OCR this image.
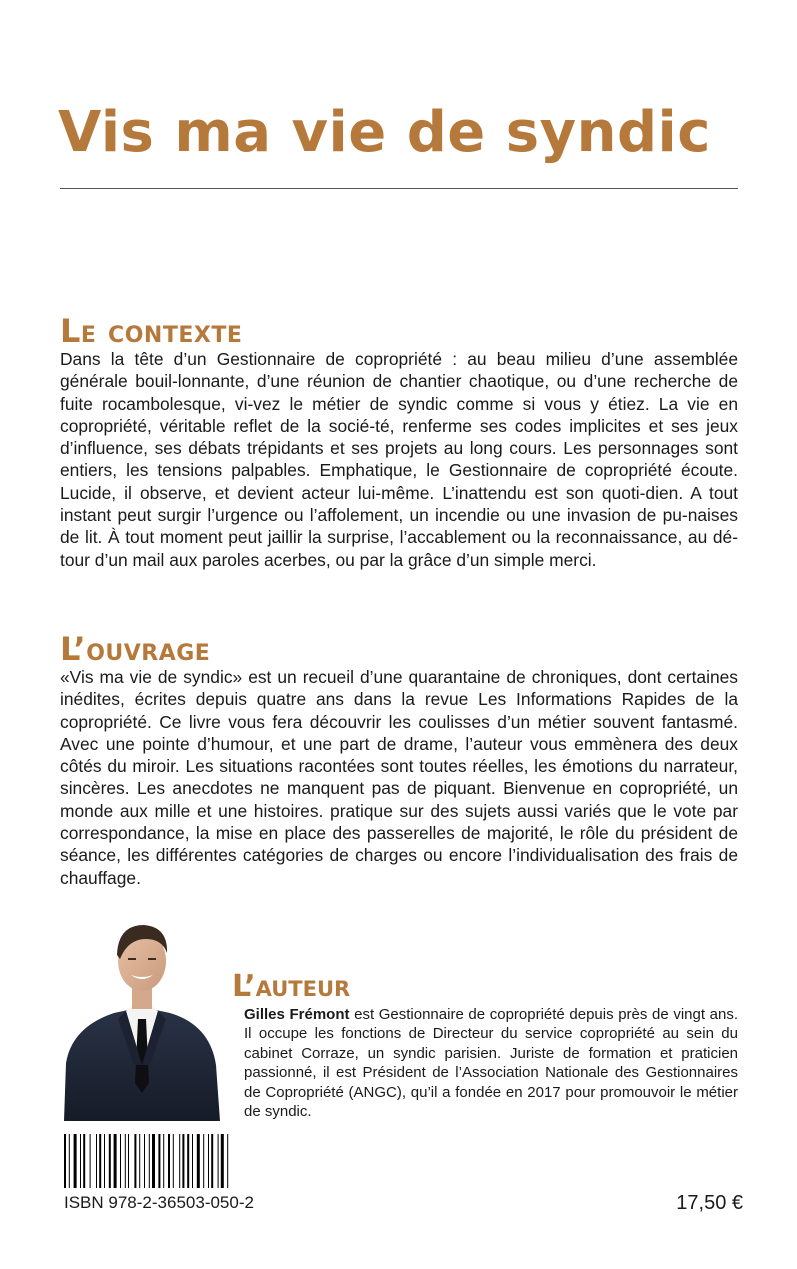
Vis ma vie de syndic
Le contexte

Dans la tête d’un Gestionnaire de copropriété : au beau milieu d’une assemblée générale bouil-lonnante, d’une réunion de chantier chaotique, ou d’une recherche de fuite rocambolesque, vi-vez le métier de syndic comme si vous y étiez. La vie en copropriété, véritable reflet de la socié-té, renferme ses codes implicites et ses jeux d’influence, ses débats trépidants et ses projets au long cours. Les personnages sont entiers, les tensions palpables. Emphatique, le Gestionnaire de copropriété écoute. Lucide, il observe, et devient acteur lui-même. L’inattendu est son quoti-dien. A tout instant peut surgir l’urgence ou l’affolement, un incendie ou une invasion de pu-naises de lit. À tout moment peut jaillir la surprise, l’accablement ou la reconnaissance, au dé-tour d’un mail aux paroles acerbes, ou par la grâce d’un simple merci.

L’ouvrage

«Vis ma vie de syndic» est un recueil d’une quarantaine de chroniques, dont certaines inédites, écrites depuis quatre ans dans la revue Les Informations Rapides de la copropriété. Ce livre vous fera découvrir les coulisses d’un métier souvent fantasmé. Avec une pointe d’humour, et une part de drame, l’auteur vous emmènera des deux côtés du miroir. Les situations racontées sont toutes réelles, les émotions du narrateur, sincères. Les anecdotes ne manquent pas de piquant. Bienvenue en copropriété, un monde aux mille et une histoires. pratique sur des sujets aussi variés que le vote par correspondance, la mise en place des passerelles de majorité, le rôle du président de séance, les différentes catégories de charges ou encore l’individualisation des frais de chauffage.

L’auteur

Gilles Frémont est Gestionnaire de copropriété depuis près de vingt ans. Il occupe les fonctions de Directeur du service copropriété au sein du cabinet Corraze, un syndic parisien. Juriste de formation et praticien passionné, il est Président de l’Association Nationale des Gestionnaires de Copropriété (ANGC), qu’il a fondée en 2017 pour promouvoir le métier de syndic.

ISBN 978-2-36503-050-2	17,50 €
